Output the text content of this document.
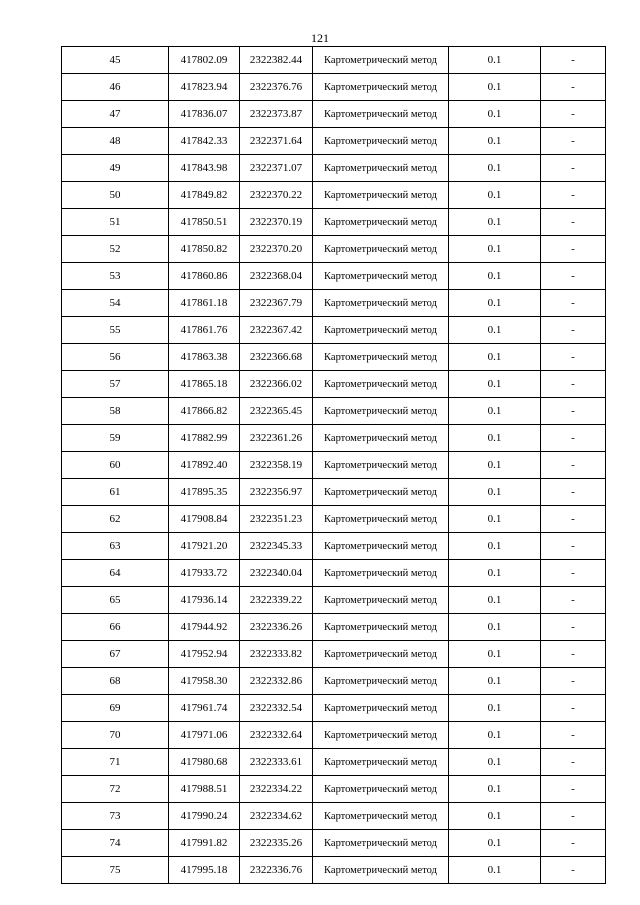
121
45	417802.09	2322382.44	Картометрический метод	0.1	-
46	417823.94	2322376.76	Картометрический метод	0.1	-
47	417836.07	2322373.87	Картометрический метод	0.1	-
48	417842.33	2322371.64	Картометрический метод	0.1	-
49	417843.98	2322371.07	Картометрический метод	0.1	-
50	417849.82	2322370.22	Картометрический метод	0.1	-
51	417850.51	2322370.19	Картометрический метод	0.1	-
52	417850.82	2322370.20	Картометрический метод	0.1	-
53	417860.86	2322368.04	Картометрический метод	0.1	-
54	417861.18	2322367.79	Картометрический метод	0.1	-
55	417861.76	2322367.42	Картометрический метод	0.1	-
56	417863.38	2322366.68	Картометрический метод	0.1	-
57	417865.18	2322366.02	Картометрический метод	0.1	-
58	417866.82	2322365.45	Картометрический метод	0.1	-
59	417882.99	2322361.26	Картометрический метод	0.1	-
60	417892.40	2322358.19	Картометрический метод	0.1	-
61	417895.35	2322356.97	Картометрический метод	0.1	-
62	417908.84	2322351.23	Картометрический метод	0.1	-
63	417921.20	2322345.33	Картометрический метод	0.1	-
64	417933.72	2322340.04	Картометрический метод	0.1	-
65	417936.14	2322339.22	Картометрический метод	0.1	-
66	417944.92	2322336.26	Картометрический метод	0.1	-
67	417952.94	2322333.82	Картометрический метод	0.1	-
68	417958.30	2322332.86	Картометрический метод	0.1	-
69	417961.74	2322332.54	Картометрический метод	0.1	-
70	417971.06	2322332.64	Картометрический метод	0.1	-
71	417980.68	2322333.61	Картометрический метод	0.1	-
72	417988.51	2322334.22	Картометрический метод	0.1	-
73	417990.24	2322334.62	Картометрический метод	0.1	-
74	417991.82	2322335.26	Картометрический метод	0.1	-
75	417995.18	2322336.76	Картометрический метод	0.1	-
